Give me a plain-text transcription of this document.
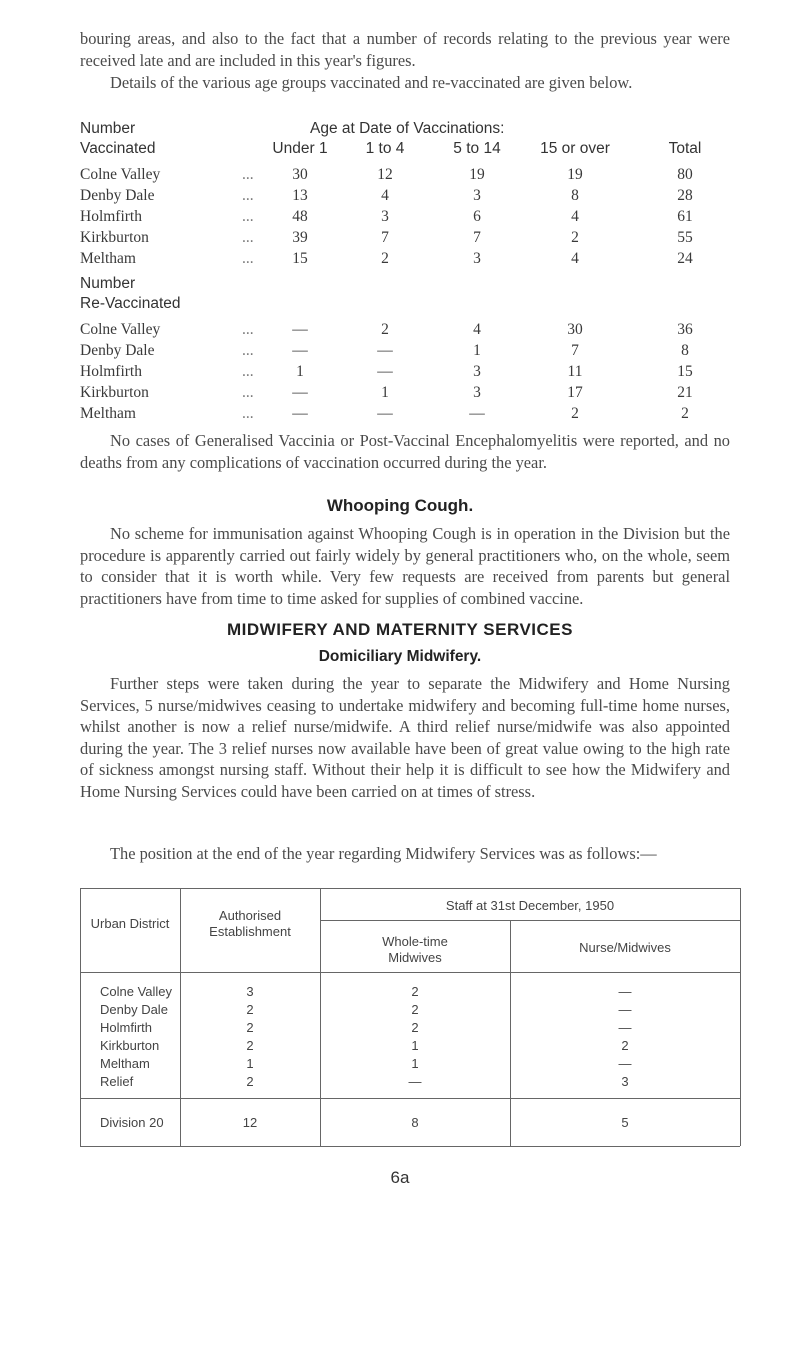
bouring areas, and also to the fact that a number of records relating to the previous year were received late and are included in this year's figures.

Details of the various age groups vaccinated and re-vaccinated are given below.

Number
Vaccinated
Age at Date of Vaccinations:
Under 1	1 to 4	5 to 14	15 or over	Total
Colne Valley	...	30	12	19	19	80
Denby Dale	...	13	4	3	8	28
Holmfirth	...	48	3	6	4	61
Kirkburton	...	39	7	7	2	55
Meltham	...	15	2	3	4	24
Number
Re-Vaccinated
Colne Valley	...	—	2	4	30	36
Denby Dale	...	—	—	1	7	8
Holmfirth	...	1	—	3	11	15
Kirkburton	...	—	1	3	17	21
Meltham	...	—	—	—	2	2

No cases of Generalised Vaccinia or Post-Vaccinal Encephalomyelitis were reported, and no deaths from any complications of vaccination occurred during the year.

Whooping Cough.

No scheme for immunisation against Whooping Cough is in operation in the Division but the procedure is apparently carried out fairly widely by general practitioners who, on the whole, seem to consider that it is worth while. Very few requests are received from parents but general practitioners have from time to time asked for supplies of combined vaccine.

MIDWIFERY AND MATERNITY SERVICES
Domiciliary Midwifery.

Further steps were taken during the year to separate the Midwifery and Home Nursing Services, 5 nurse/midwives ceasing to undertake midwifery and becoming full-time home nurses, whilst another is now a relief nurse/midwife. A third relief nurse/midwife was also appointed during the year. The 3 relief nurses now available have been of great value owing to the high rate of sickness amongst nursing staff. Without their help it is difficult to see how the Midwifery and Home Nursing Services could have been carried on at times of stress.

The position at the end of the year regarding Midwifery Services was as follows:—

Urban District
Authorised
Establishment
Staff at 31st December, 1950
Whole-time
Midwives
Nurse/Midwives
Colne Valley	3	2	—
Denby Dale	2	2	—
Holmfirth	2	2	—
Kirkburton	2	1	2
Meltham	1	1	—
Relief	2	—	3
Division 20	12	8	5
6a
